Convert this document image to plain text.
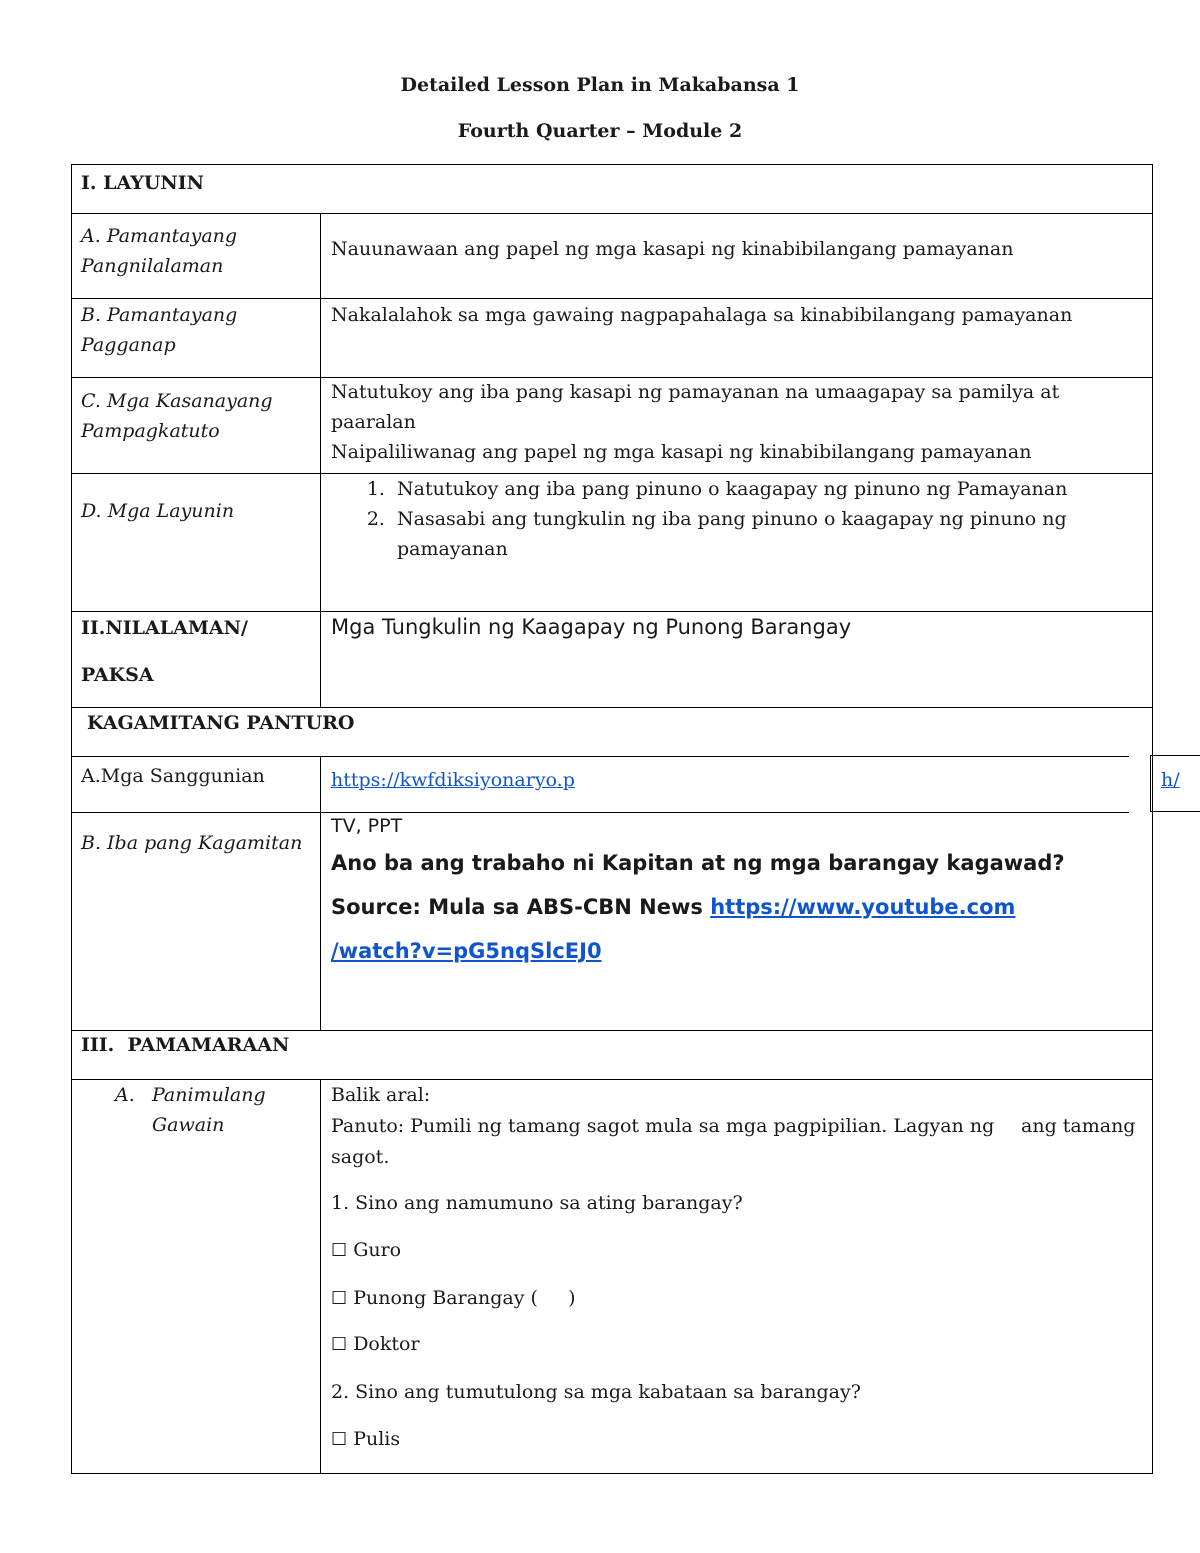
Detailed Lesson Plan in Makabansa 1
Fourth Quarter – Module 2
I. LAYUNIN
A. Pamantayang Pangnilalaman
Nauunawaan ang papel ng mga kasapi ng kinabibilangang pamayanan
B. Pamantayang Pagganap
Nakalalahok sa mga gawaing nagpapahalaga sa kinabibilangang pamayanan
C. Mga Kasanayang Pampagkatuto
Natutukoy ang iba pang kasapi ng pamayanan na umaagapay sa pamilya at paaralan
Naipaliliwanag ang papel ng mga kasapi ng kinabibilangang pamayanan
D. Mga Layunin
1. Natutukoy ang iba pang pinuno o kaagapay ng pinuno ng Pamayanan
2. Nasasabi ang tungkulin ng iba pang pinuno o kaagapay ng pinuno ng pamayanan
II.NILALAMAN/
PAKSA
Mga Tungkulin ng Kaagapay ng Punong Barangay
KAGAMITANG PANTURO
A.Mga Sanggunian	https://kwfdiksiyonaryo.p	h/
B. Iba pang Kagamitan
TV, PPT
Ano ba ang trabaho ni Kapitan at ng mga barangay kagawad?
Source: Mula sa ABS-CBN News https://www.youtube.com
/watch?v=pG5nqSlcEJ0
III.  PAMAMARAAN
A. Panimulang
Gawain
Balik aral:
Panuto: Pumili ng tamang sagot mula sa mga pagpipilian. Lagyan ng ang tamang
sagot.
1. Sino ang namumuno sa ating barangay?
☐ Guro
☐ Punong Barangay (     )
☐ Doktor
2. Sino ang tumutulong sa mga kabataan sa barangay?
☐ Pulis
